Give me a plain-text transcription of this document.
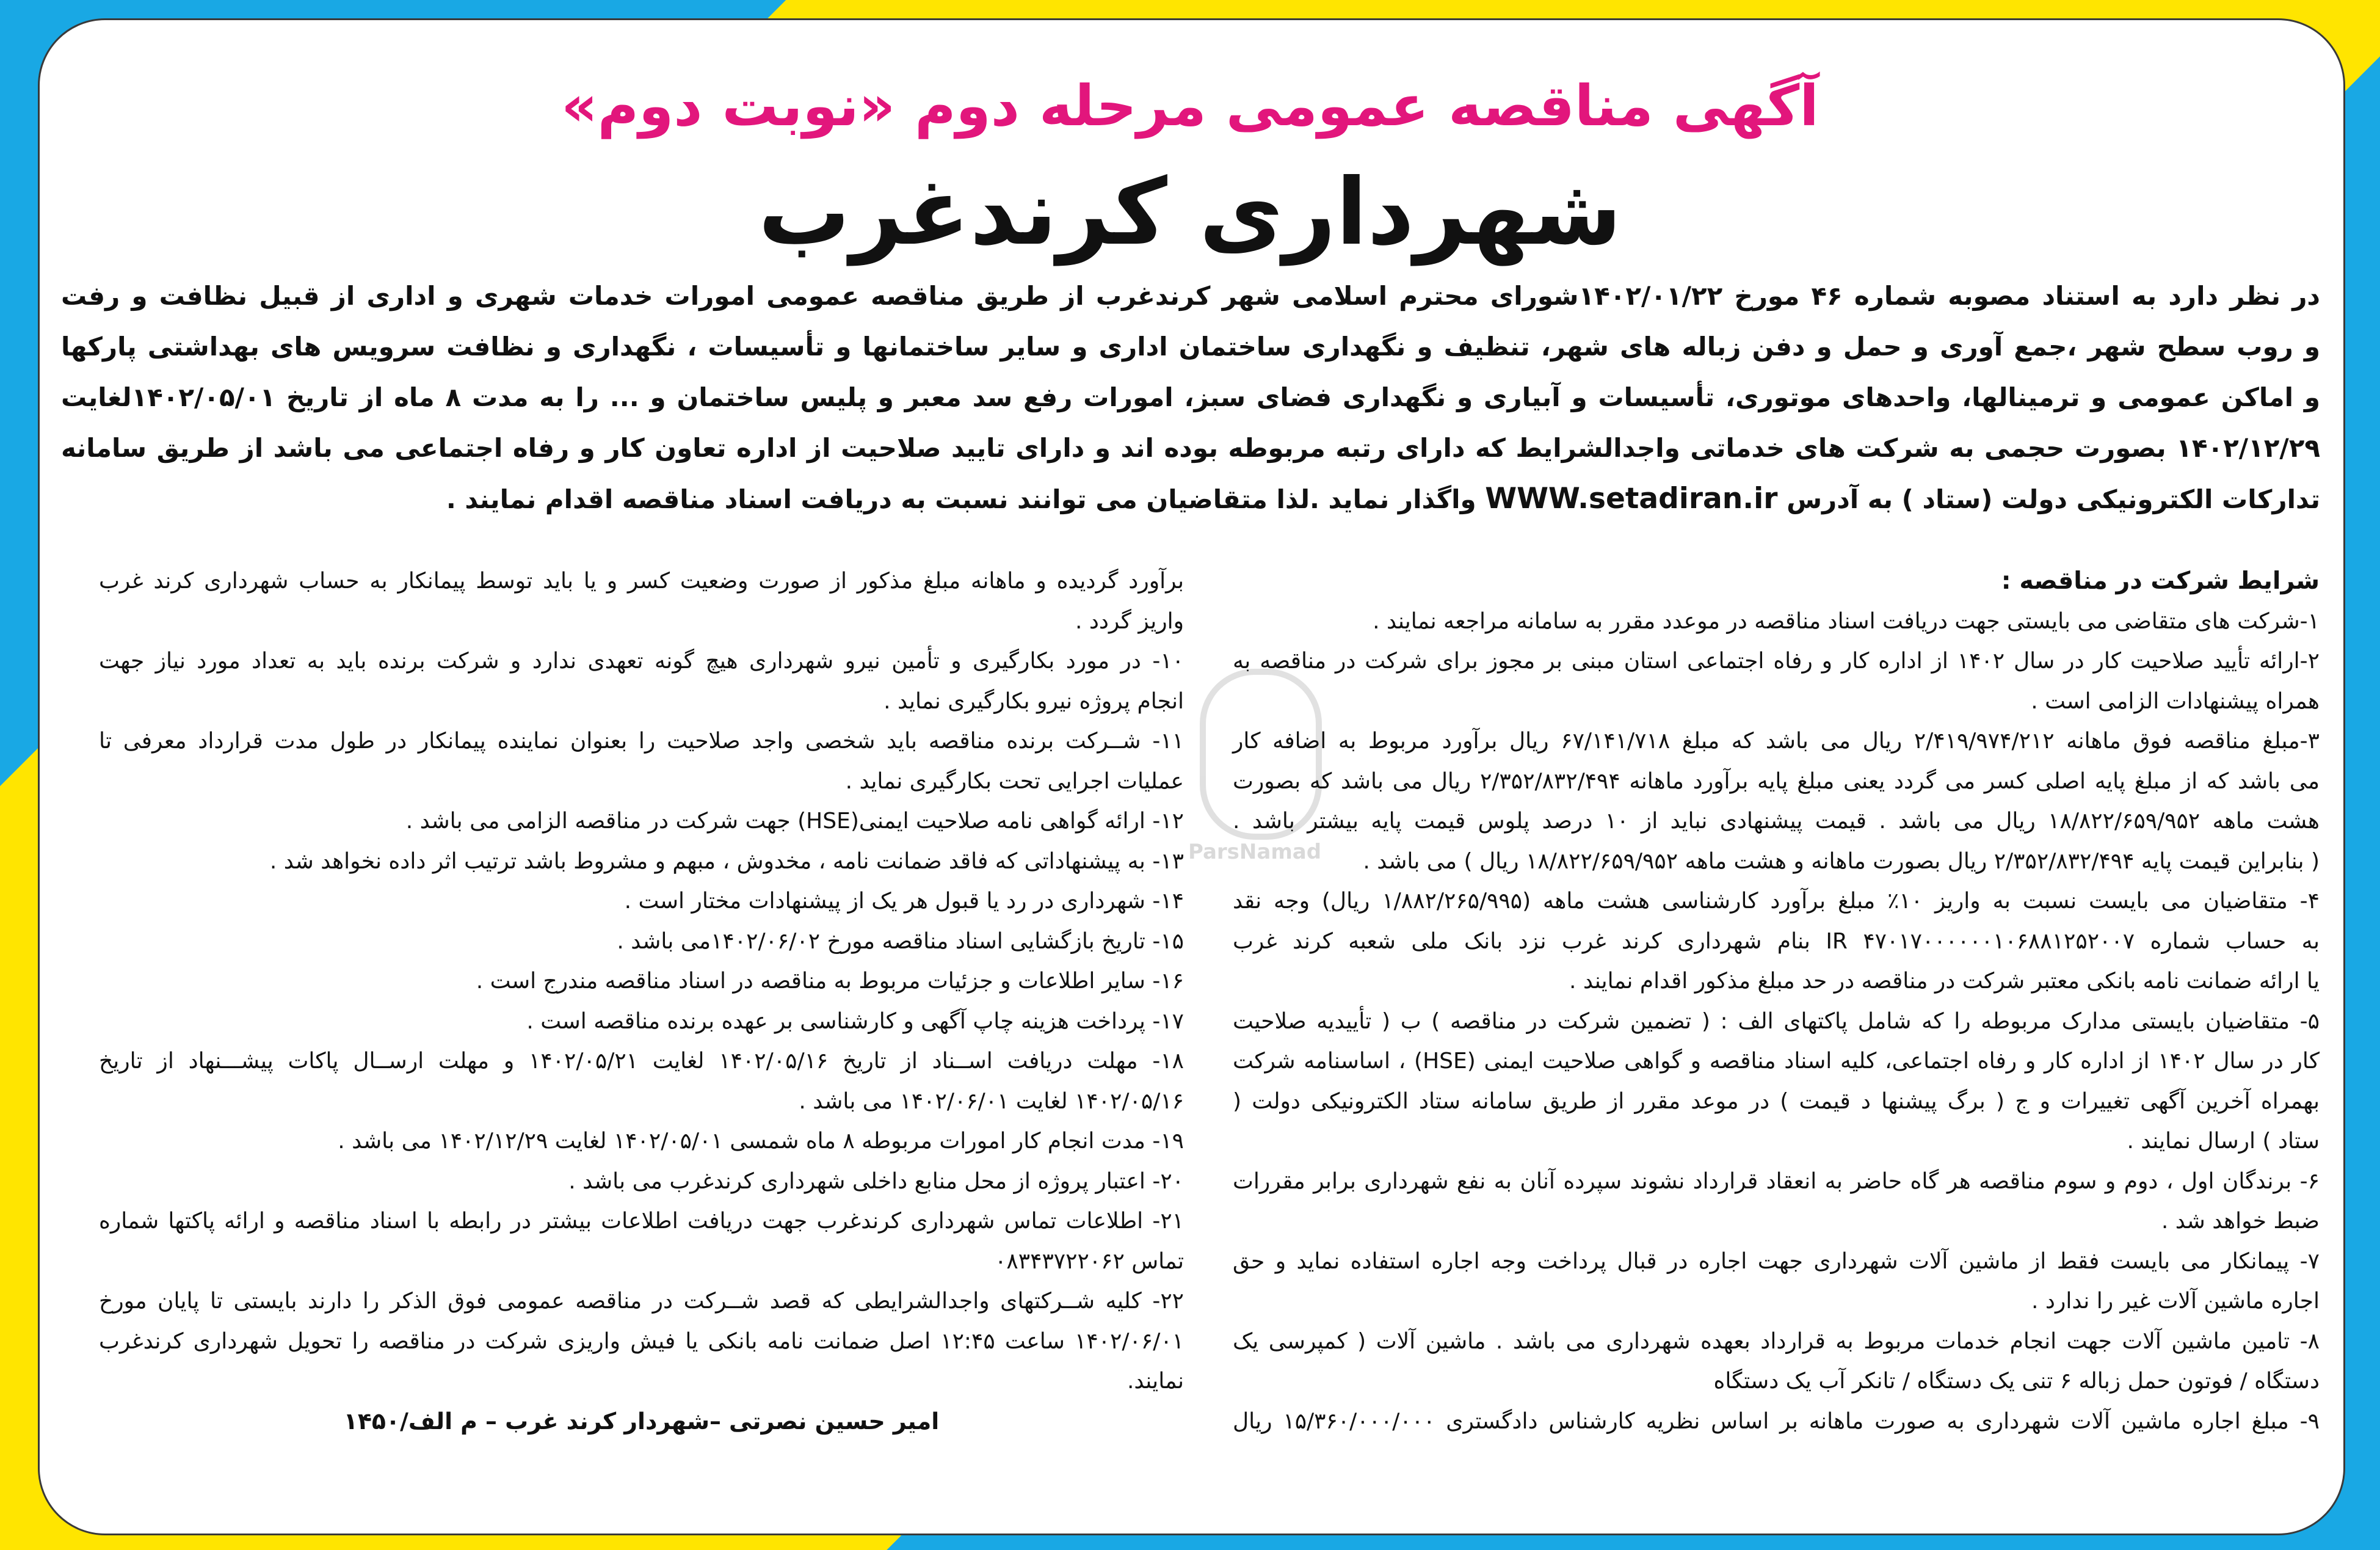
آگهی مناقصه عمومی مرحله دوم «نوبت دوم»
شهرداری کرندغرب
در نظر دارد به استناد مصوبه شماره ۴۶ مورخ ۱۴۰۲/۰۱/۲۲شورای محترم اسلامی شهر کرندغرب از طریق مناقصه عمومی امورات خدمات شهری و اداری از قبیل نظافت و رفت
و روب سطح شهر ،جمع آوری و حمل و دفن زباله های شهر، تنظیف و نگهداری ساختمان اداری و سایر ساختمانها و تأسیسات ، نگهداری و نظافت سرویس های بهداشتی پارکها
و اماکن عمومی و ترمینالها، واحدهای موتوری، تأسیسات و آبیاری و نگهداری فضای سبز، امورات رفع سد معبر و پلیس ساختمان و ... را به مدت ۸ ماه از تاریخ ۱۴۰۲/۰۵/۰۱لغایت
۱۴۰۲/۱۲/۲۹ بصورت حجمی به شرکت های خدماتی واجدالشرایط که دارای رتبه مربوطه بوده اند و دارای تایید صلاحیت از اداره تعاون کار و رفاه اجتماعی می باشد از طریق سامانه
تدارکات الکترونیکی دولت (ستاد ) به آدرس WWW.setadiran.ir واگذار نماید .لذا متقاضیان می توانند نسبت به دریافت اسناد مناقصه اقدام نمایند .
ParsNamad
شرایط شرکت در مناقصه :
۱-شرکت های متقاضی می بایستی جهت دریافت اسناد مناقصه در موعدد مقرر به سامانه مراجعه نمایند .
۲-ارائه تأیید صلاحیت کار در سال ۱۴۰۲ از اداره کار و رفاه اجتماعی استان مبنی بر مجوز برای شرکت در مناقصه به
همراه پیشنهادات الزامی است .
۳-مبلغ مناقصه فوق ماهانه ۲/۴۱۹/۹۷۴/۲۱۲ ریال می باشد که مبلغ ۶۷/۱۴۱/۷۱۸ ریال برآورد مربوط به اضافه کار
می باشد که از مبلغ پایه اصلی کسر می گردد یعنی مبلغ پایه برآورد ماهانه ۲/۳۵۲/۸۳۲/۴۹۴ ریال می باشد که بصورت
هشت ماهه ۱۸/۸۲۲/۶۵۹/۹۵۲ ریال می باشد . قیمت پیشنهادی نباید از ۱۰ درصد پلوس قیمت پایه بیشتر باشد .
( بنابراین قیمت پایه ۲/۳۵۲/۸۳۲/۴۹۴ ریال بصورت ماهانه و هشت ماهه ۱۸/۸۲۲/۶۵۹/۹۵۲ ریال ) می باشد .
۴- متقاضیان می بایست نسبت به واریز ۱۰٪ مبلغ برآورد کارشناسی هشت ماهه (۱/۸۸۲/۲۶۵/۹۹۵ ریال) وجه نقد
به حساب شماره IR ۴۷۰۱۷۰۰۰۰۰۰۱۰۶۸۸۱۲۵۲۰۰۷ بنام شهرداری کرند غرب نزد بانک ملی شعبه کرند غرب
یا ارائه ضمانت نامه بانکی معتبر شرکت در مناقصه در حد مبلغ مذکور اقدام نمایند .
۵- متقاضیان بایستی مدارک مربوطه را که شامل پاکتهای الف : ( تضمین شرکت در مناقصه ) ب ( تأییدیه صلاحیت
کار در سال ۱۴۰۲ از اداره کار و رفاه اجتماعی، کلیه اسناد مناقصه و گواهی صلاحیت ایمنی (HSE) ، اساسنامه شرکت
بهمراه آخرین آگهی تغییرات و ج ( برگ پیشنها د قیمت ) در موعد مقرر از طریق سامانه ستاد الکترونیکی دولت (
ستاد ) ارسال نمایند .
۶- برندگان اول ، دوم و سوم مناقصه هر گاه حاضر به انعقاد قرارداد نشوند سپرده آنان به نفع شهرداری برابر مقررات
ضبط خواهد شد .
۷- پیمانکار می بایست فقط از ماشین آلات شهرداری جهت اجاره در قبال پرداخت وجه اجاره استفاده نماید و حق
اجاره ماشین آلات غیر را ندارد .
۸- تامین ماشین آلات جهت انجام خدمات مربوط به قرارداد بعهده شهرداری می باشد . ماشین آلات ( کمپرسی یک
دستگاه / فوتون حمل زباله ۶ تنی یک دستگاه / تانکر آب یک دستگاه
۹- مبلغ اجاره ماشین آلات شهرداری به صورت ماهانه بر اساس نظریه کارشناس دادگستری ۱۵/۳۶۰/۰۰۰/۰۰۰ ریال
برآورد گردیده و ماهانه مبلغ مذکور از صورت وضعیت کسر و یا باید توسط پیمانکار به حساب شهرداری کرند غرب
واریز گردد .
۱۰- در مورد بکارگیری و تأمین نیرو شهرداری هیچ گونه تعهدی ندارد و شرکت برنده باید به تعداد مورد نیاز جهت
انجام پروژه نیرو بکارگیری نماید .
۱۱- شــرکت برنده مناقصه باید شخصی واجد صلاحیت را بعنوان نماینده پیمانکار در طول مدت قرارداد معرفی تا
عملیات اجرایی تحت بکارگیری نماید .
۱۲- ارائه گواهی نامه صلاحیت ایمنی(HSE) جهت شرکت در مناقصه الزامی می باشد .
۱۳- به پیشنهاداتی که فاقد ضمانت نامه ، مخدوش ، مبهم و مشروط باشد ترتیب اثر داده نخواهد شد .
۱۴- شهرداری در رد یا قبول هر یک از پیشنهادات مختار است .
۱۵- تاریخ بازگشایی اسناد مناقصه مورخ ۱۴۰۲/۰۶/۰۲می باشد .
۱۶- سایر اطلاعات و جزئیات مربوط به مناقصه در اسناد مناقصه مندرج است .
۱۷- پرداخت هزینه چاپ آگهی و کارشناسی بر عهده برنده مناقصه است .
۱۸- مهلت دریافت اســناد از تاریخ ۱۴۰۲/۰۵/۱۶ لغایت ۱۴۰۲/۰۵/۲۱ و مهلت ارســال پاکات پیشـــنهاد از تاریخ
۱۴۰۲/۰۵/۱۶ لغایت ۱۴۰۲/۰۶/۰۱ می باشد .
۱۹- مدت انجام کار امورات مربوطه ۸ ماه شمسی ۱۴۰۲/۰۵/۰۱ لغایت ۱۴۰۲/۱۲/۲۹ می باشد .
۲۰- اعتبار پروژه از محل منابع داخلی شهرداری کرندغرب می باشد .
۲۱- اطلاعات تماس شهرداری کرندغرب جهت دریافت اطلاعات بیشتر در رابطه با اسناد مناقصه و ارائه پاکتها شماره
تماس ۰۸۳۴۳۷۲۲۰۶۲
۲۲- کلیه شــرکتهای واجدالشرایطی که قصد شــرکت در مناقصه عمومی فوق الذکر را دارند بایستی تا پایان مورخ
۱۴۰۲/۰۶/۰۱ ساعت ۱۲:۴۵ اصل ضمانت نامه بانکی یا فیش واریزی شرکت در مناقصه را تحویل شهرداری کرندغرب
نمایند.
امیر حسین نصرتی –شهردار کرند غرب – م الف/۱۴۵۰
